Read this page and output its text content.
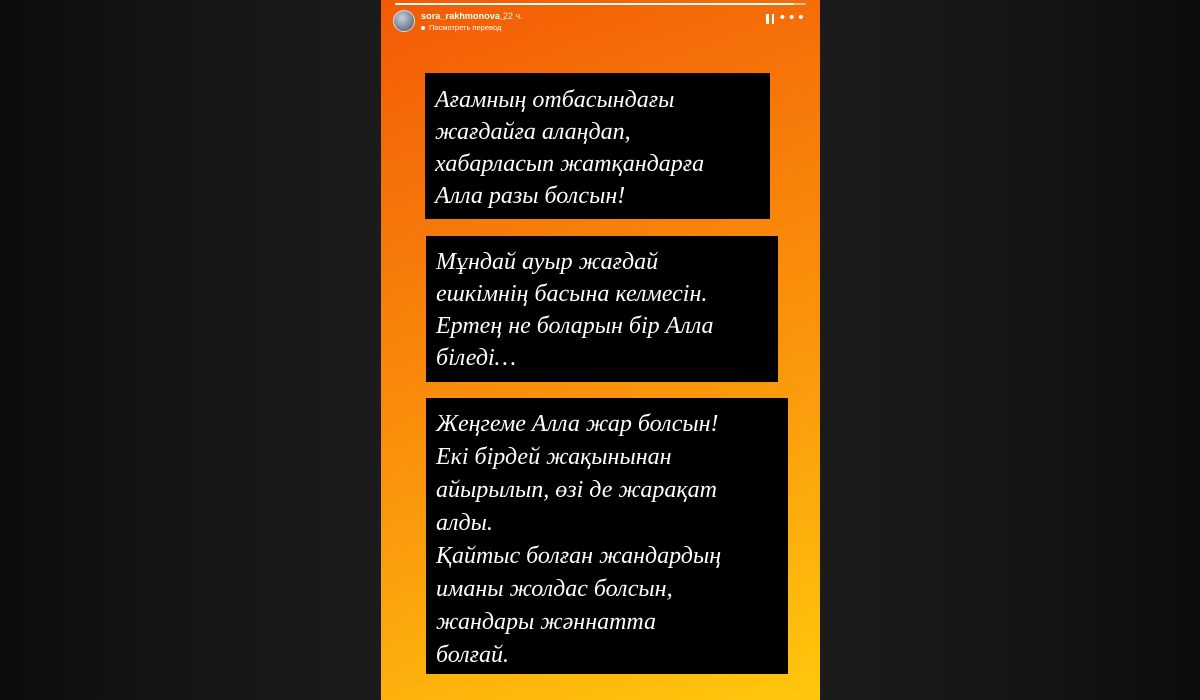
sora_rakhmonova_
22 ч.
Посмотреть перевод
•••
Ағамның отбасындағы
жағдайға алаңдап,
хабарласып жатқандарға
Алла разы болсын!
Мұндай ауыр жағдай
ешкімнің басына келмесін.
Ертең не боларын бір Алла
біледі…
Жеңгеме Алла жар болсын!
Екі бірдей жақынынан
айырылып, өзі де жарақат
алды.
Қайтыс болған жандардың
иманы жолдас болсын,
жандары жәннатта
болғай.
